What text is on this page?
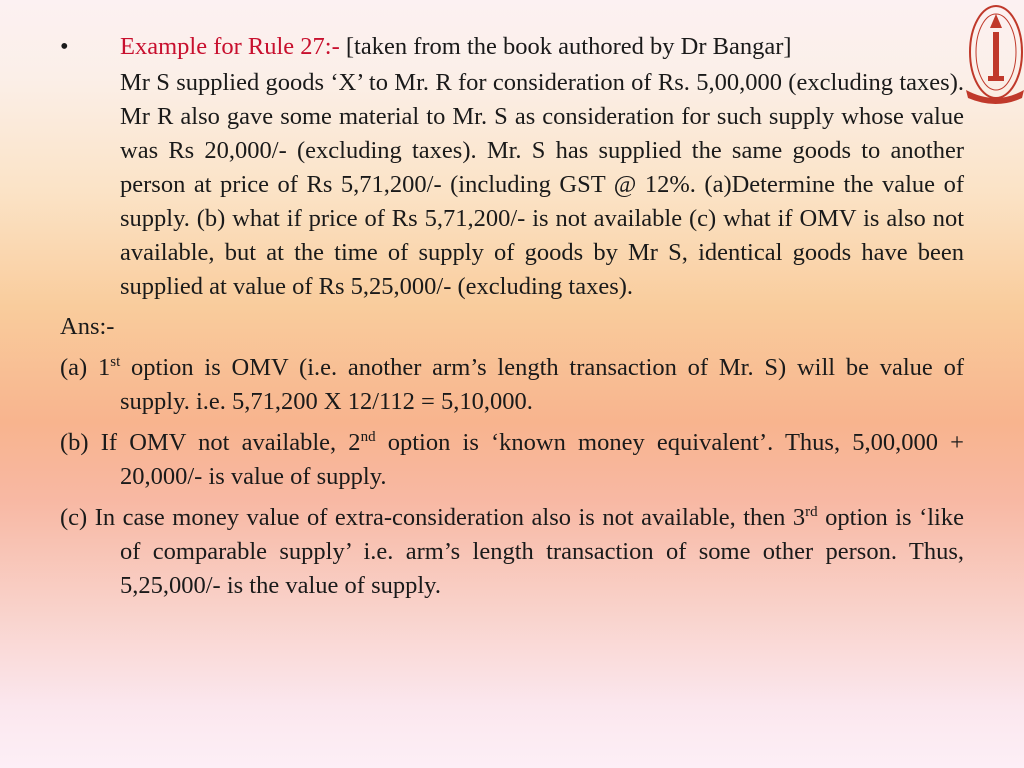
• Example for Rule 27:- [taken from the book authored by Dr Bangar]
Mr S supplied goods ‘X’ to Mr. R for consideration of Rs. 5,00,000 (excluding taxes). Mr R also gave some material to Mr. S as consideration for such supply whose value was Rs 20,000/- (excluding taxes). Mr. S has supplied the same goods to another person at price of Rs 5,71,200/- (including GST @ 12%. (a)Determine the value of supply. (b) what if price of Rs 5,71,200/- is not available (c) what if OMV is also not available, but at the time of supply of goods by Mr S, identical goods have been supplied at value of Rs 5,25,000/- (excluding taxes).
Ans:-
(a) 1st option is OMV (i.e. another arm’s length transaction of Mr. S) will be value of supply. i.e. 5,71,200 X 12/112 = 5,10,000.
(b) If OMV not available, 2nd option is ‘known money equivalent’. Thus, 5,00,000 + 20,000/- is value of supply.
(c) In case money value of extra-consideration also is not available, then 3rd option is ‘like of comparable supply’ i.e. arm’s length transaction of some other person. Thus, 5,25,000/- is the value of supply.
